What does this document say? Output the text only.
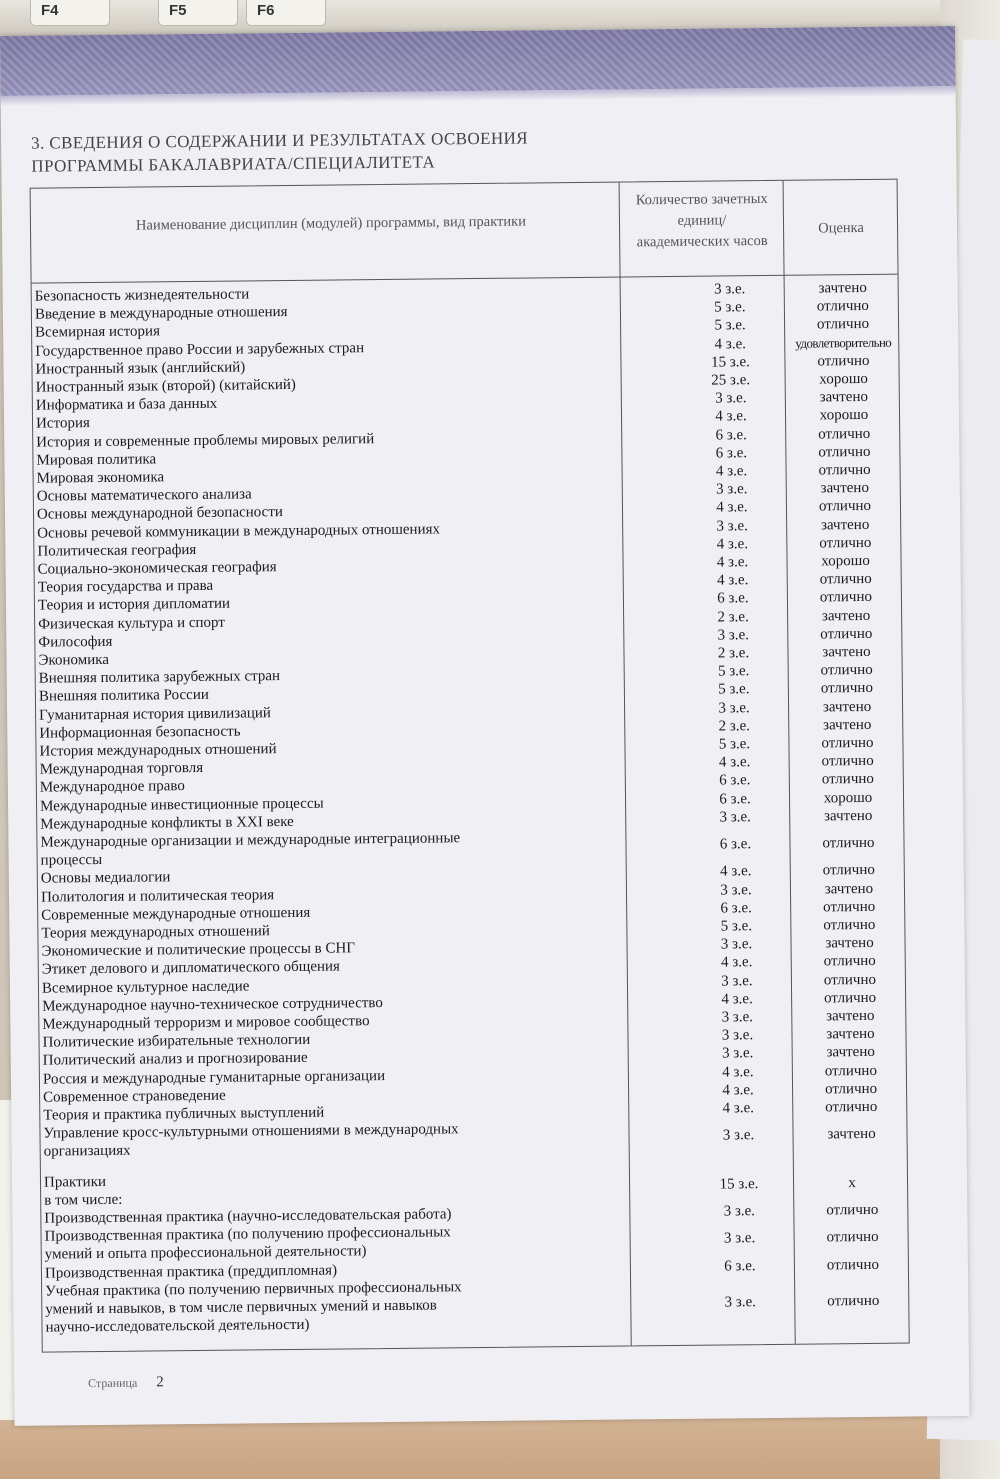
F4	F5	F6
3. СВЕДЕНИЯ О СОДЕРЖАНИИ И РЕЗУЛЬТАТАХ ОСВОЕНИЯ
ПРОГРАММЫ БАКАЛАВРИАТА/СПЕЦИАЛИТЕТА
Наименование дисциплин (модулей) программы, вид практики
Количество зачетных единиц/ академических часов
Оценка
Безопасность жизнедеятельности	3 з.е.	зачтено
Введение в международные отношения	5 з.е.	отлично
Всемирная история	5 з.е.	отлично
Государственное право России и зарубежных стран	4 з.е.	удовлетворительно
Иностранный язык (английский)	15 з.е.	отлично
Иностранный язык (второй) (китайский)	25 з.е.	хорошо
Информатика и база данных	3 з.е.	зачтено
История	4 з.е.	хорошо
История и современные проблемы мировых религий	6 з.е.	отлично
Мировая политика	6 з.е.	отлично
Мировая экономика	4 з.е.	отлично
Основы математического анализа	3 з.е.	зачтено
Основы международной безопасности	4 з.е.	отлично
Основы речевой коммуникации в международных отношениях	3 з.е.	зачтено
Политическая география	4 з.е.	отлично
Социально-экономическая география	4 з.е.	хорошо
Теория государства и права	4 з.е.	отлично
Теория и история дипломатии	6 з.е.	отлично
Физическая культура и спорт	2 з.е.	зачтено
Философия	3 з.е.	отлично
Экономика	2 з.е.	зачтено
Внешняя политика зарубежных стран	5 з.е.	отлично
Внешняя политика России	5 з.е.	отлично
Гуманитарная история цивилизаций	3 з.е.	зачтено
Информационная безопасность	2 з.е.	зачтено
История международных отношений	5 з.е.	отлично
Международная торговля	4 з.е.	отлично
Международное право	6 з.е.	отлично
Международные инвестиционные процессы	6 з.е.	хорошо
Международные конфликты в XXI веке	3 з.е.	зачтено
Международные организации и международные интеграционные
процессы
6 з.е.	отлично
Основы медиалогии	4 з.е.	отлично
Политология и политическая теория	3 з.е.	зачтено
Современные международные отношения	6 з.е.	отлично
Теория международных отношений	5 з.е.	отлично
Экономические и политические процессы в СНГ	3 з.е.	зачтено
Этикет делового и дипломатического общения	4 з.е.	отлично
Всемирное культурное наследие	3 з.е.	отлично
Международное научно-техническое сотрудничество	4 з.е.	отлично
Международный терроризм и мировое сообщество	3 з.е.	зачтено
Политические избирательные технологии	3 з.е.	зачтено
Политический анализ и прогнозирование	3 з.е.	зачтено
Россия и международные гуманитарные организации	4 з.е.	отлично
Современное страноведение	4 з.е.	отлично
Теория и практика публичных выступлений	4 з.е.	отлично
Управление кросс-культурными отношениями в международных
организациях
3 з.е.	зачтено
Практики
в том числе:
15 з.е.	х
Производственная практика (научно-исследовательская работа)	3 з.е.	отлично
Производственная практика (по получению профессиональных
умений и опыта профессиональной деятельности)
3 з.е.	отлично
Производственная практика (преддипломная)	6 з.е.	отлично
Учебная практика (по получению первичных профессиональных
умений и навыков, в том числе первичных умений и навыков
научно-исследовательской деятельности)
3 з.е.	отлично
Страница 2
